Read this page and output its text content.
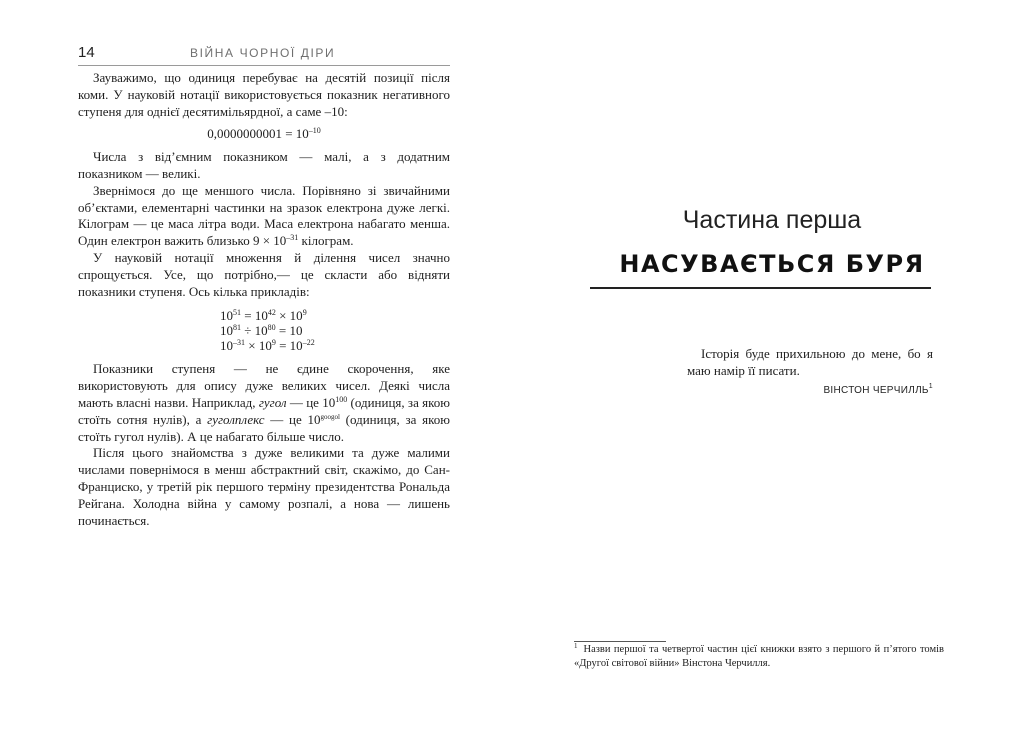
14	ВІЙНА ЧОРНОЇ ДІРИ

Зауважимо, що одиниця перебуває на десятій позиції після коми. У науковій нотації використовується показник негативного ступеня для однієї десятимільярдної, а саме –10:

$0,0000000001 = 10^{-10}$

Числа з від’ємним показником — малі, а з додатним показником — великі.

Звернімося до ще меншого числа. Порівняно зі звичайними об’єктами, елементарні частинки на зразок електрона дуже легкі. Кілограм — це маса літра води. Маса електрона набагато менша. Один електрон важить близько $9 \times 10^{-31}$ кілограм.

У науковій нотації множення й ділення чисел значно спрощується. Усе, що потрібно,— це скласти або відняти показники ступеня. Ось кілька прикладів:

$10^{51} = 10^{42} \times 10^9$
$10^{81} \div 10^{80} = 10$
$10^{-31} \times 10^9 = 10^{-22}$

Показники ступеня — не єдине скорочення, яке використовують для опису дуже великих чисел. Деякі числа мають власні назви. Наприклад, гугол — це $10^{100}$ (одиниця, за якою стоїть сотня нулів), а гуголплекс — це $10^{googol}$ (одиниця, за якою стоїть гугол нулів). А це набагато більше число.

Після цього знайомства з дуже великими та дуже малими числами повернімося в менш абстрактний світ, скажімо, до Сан-Франциско, у третій рік першого терміну президентства Рональда Рейгана. Холодна війна у самому розпалі, а нова — лишень починається.

Частина перша
НАСУВАЄТЬСЯ БУРЯ
Історія буде прихильною до мене, бо я маю намір її писати.
ВІНСТОН ЧЕРЧИЛЛЬ$^1$
$^1$ Назви першої та четвертої частин цієї книжки взято з першого й п’ятого томів «Другої світової війни» Вінстона Черчилля.
